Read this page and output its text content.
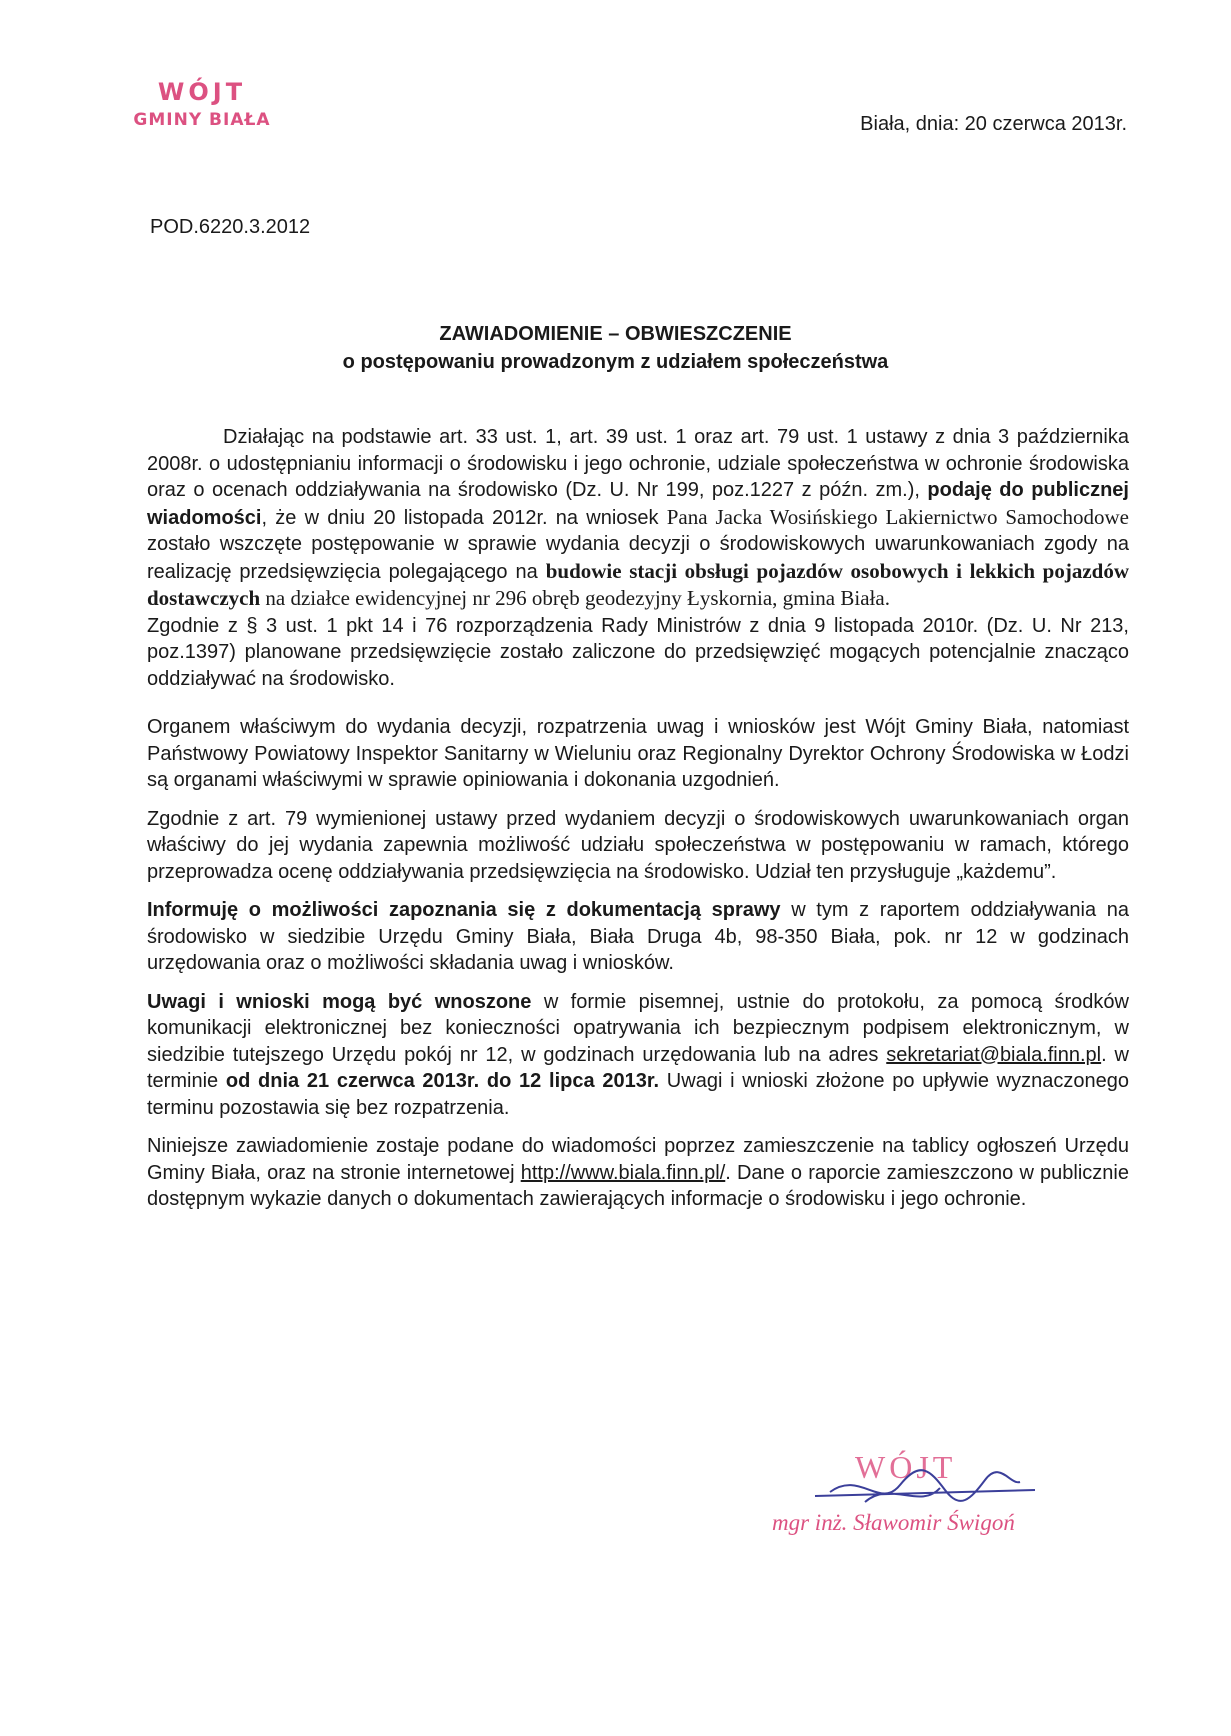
WÓJT
GMINY BIAŁA	Biała, dnia: 20 czerwca 2013r.
POD.6220.3.2012
ZAWIADOMIENIE – OBWIESZCZENIE
o postępowaniu prowadzonym z udziałem społeczeństwa

Działając na podstawie art. 33 ust. 1, art. 39 ust. 1 oraz art. 79 ust. 1 ustawy z dnia 3 października 2008r. o udostępnianiu informacji o środowisku i jego ochronie, udziale społeczeństwa w ochronie środowiska oraz o ocenach oddziaływania na środowisko (Dz. U. Nr 199, poz.1227 z późn. zm.), podaję do publicznej wiadomości, że w dniu 20 listopada 2012r. na wniosek Pana Jacka Wosińskiego Lakiernictwo Samochodowe zostało wszczęte postępowanie w sprawie wydania decyzji o środowiskowych uwarunkowaniach zgody na realizację przedsięwzięcia polegającego na budowie stacji obsługi pojazdów osobowych i lekkich pojazdów dostawczych na działce ewidencyjnej nr 296 obręb geodezyjny Łyskornia, gmina Biała.

Zgodnie z § 3 ust. 1 pkt 14 i 76 rozporządzenia Rady Ministrów z dnia 9 listopada 2010r. (Dz. U. Nr 213, poz.1397) planowane przedsięwzięcie zostało zaliczone do przedsięwzięć mogących potencjalnie znacząco oddziaływać na środowisko.

Organem właściwym do wydania decyzji, rozpatrzenia uwag i wniosków jest Wójt Gminy Biała, natomiast Państwowy Powiatowy Inspektor Sanitarny w Wieluniu oraz Regionalny Dyrektor Ochrony Środowiska w Łodzi są organami właściwymi w sprawie opiniowania i dokonania uzgodnień.

Zgodnie z art. 79 wymienionej ustawy przed wydaniem decyzji o środowiskowych uwarunkowaniach organ właściwy do jej wydania zapewnia możliwość udziału społeczeństwa w postępowaniu w ramach, którego przeprowadza ocenę oddziaływania przedsięwzięcia na środowisko. Udział ten przysługuje „każdemu”.

Informuję o możliwości zapoznania się z dokumentacją sprawy w tym z raportem oddziaływania na środowisko w siedzibie Urzędu Gminy Biała, Biała Druga 4b, 98-350 Biała, pok. nr 12 w godzinach urzędowania oraz o możliwości składania uwag i wniosków.

Uwagi i wnioski mogą być wnoszone w formie pisemnej, ustnie do protokołu, za pomocą środków komunikacji elektronicznej bez konieczności opatrywania ich bezpiecznym podpisem elektronicznym, w siedzibie tutejszego Urzędu pokój nr 12, w godzinach urzędowania lub na adres sekretariat@biala.finn.pl. w terminie od dnia 21 czerwca 2013r. do 12 lipca 2013r. Uwagi i wnioski złożone po upływie wyznaczonego terminu pozostawia się bez rozpatrzenia.

Niniejsze zawiadomienie zostaje podane do wiadomości poprzez zamieszczenie na tablicy ogłoszeń Urzędu Gminy Biała, oraz na stronie internetowej http://www.biala.finn.pl/. Dane o raporcie zamieszczono w publicznie dostępnym wykazie danych o dokumentach zawierających informacje o środowisku i jego ochronie.

WÓJT
mgr inż. Sławomir Świgoń
